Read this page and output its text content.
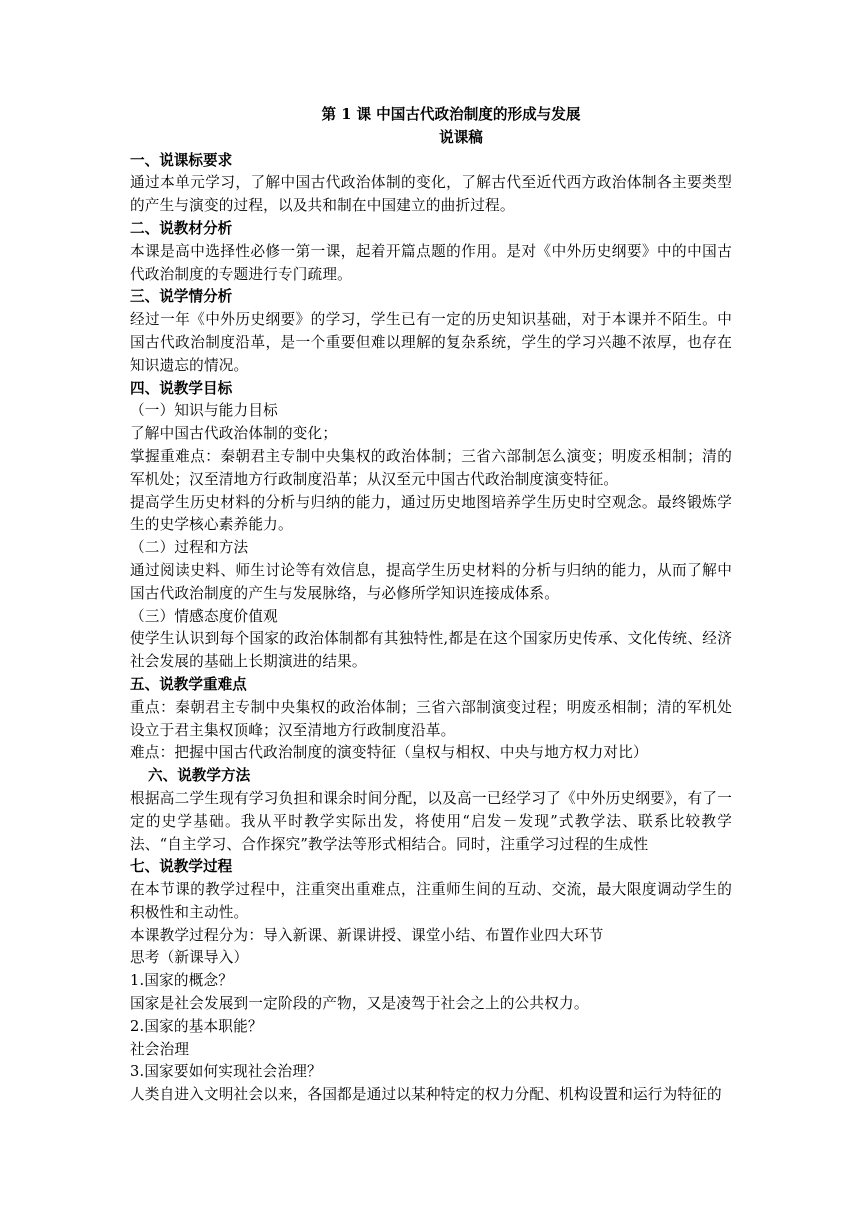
第 1 课 中国古代政治制度的形成与发展
说课稿
一、说课标要求
通过本单元学习，了解中国古代政治体制的变化，了解古代至近代西方政治体制各主要类型的产生与演变的过程，以及共和制在中国建立的曲折过程。
二、说教材分析
本课是高中选择性必修一第一课，起着开篇点题的作用。是对《中外历史纲要》中的中国古代政治制度的专题进行专门疏理。
三、说学情分析
经过一年《中外历史纲要》的学习，学生已有一定的历史知识基础，对于本课并不陌生。中国古代政治制度沿革，是一个重要但难以理解的复杂系统，学生的学习兴趣不浓厚，也存在知识遗忘的情况。
四、说教学目标
（一）知识与能力目标
了解中国古代政治体制的变化；
掌握重难点：秦朝君主专制中央集权的政治体制；三省六部制怎么演变；明废丞相制；清的军机处；汉至清地方行政制度沿革；从汉至元中国古代政治制度演变特征。
提高学生历史材料的分析与归纳的能力，通过历史地图培养学生历史时空观念。最终锻炼学生的史学核心素养能力。
（二）过程和方法
通过阅读史料、师生讨论等有效信息，提高学生历史材料的分析与归纳的能力，从而了解中国古代政治制度的产生与发展脉络，与必修所学知识连接成体系。
（三）情感态度价值观
使学生认识到每个国家的政治体制都有其独特性,都是在这个国家历史传承、文化传统、经济社会发展的基础上长期演进的结果。
五、说教学重难点
重点：秦朝君主专制中央集权的政治体制；三省六部制演变过程；明废丞相制；清的军机处设立于君主集权顶峰；汉至清地方行政制度沿革。
难点：把握中国古代政治制度的演变特征（皇权与相权、中央与地方权力对比）
六、说教学方法
根据高二学生现有学习负担和课余时间分配，以及高一已经学习了《中外历史纲要》，有了一定的史学基础。我从平时教学实际出发，将使用“启发－发现”式教学法、联系比较教学法、“自主学习、合作探究”教学法等形式相结合。同时，注重学习过程的生成性
七、说教学过程
在本节课的教学过程中，注重突出重难点，注重师生间的互动、交流，最大限度调动学生的积极性和主动性。
本课教学过程分为：导入新课、新课讲授、课堂小结、布置作业四大环节
思考（新课导入）
1.国家的概念？
国家是社会发展到一定阶段的产物，又是凌驾于社会之上的公共权力。
2.国家的基本职能？
社会治理
3.国家要如何实现社会治理？
人类自进入文明社会以来，各国都是通过以某种特定的权力分配、机构设置和运行为特征的
